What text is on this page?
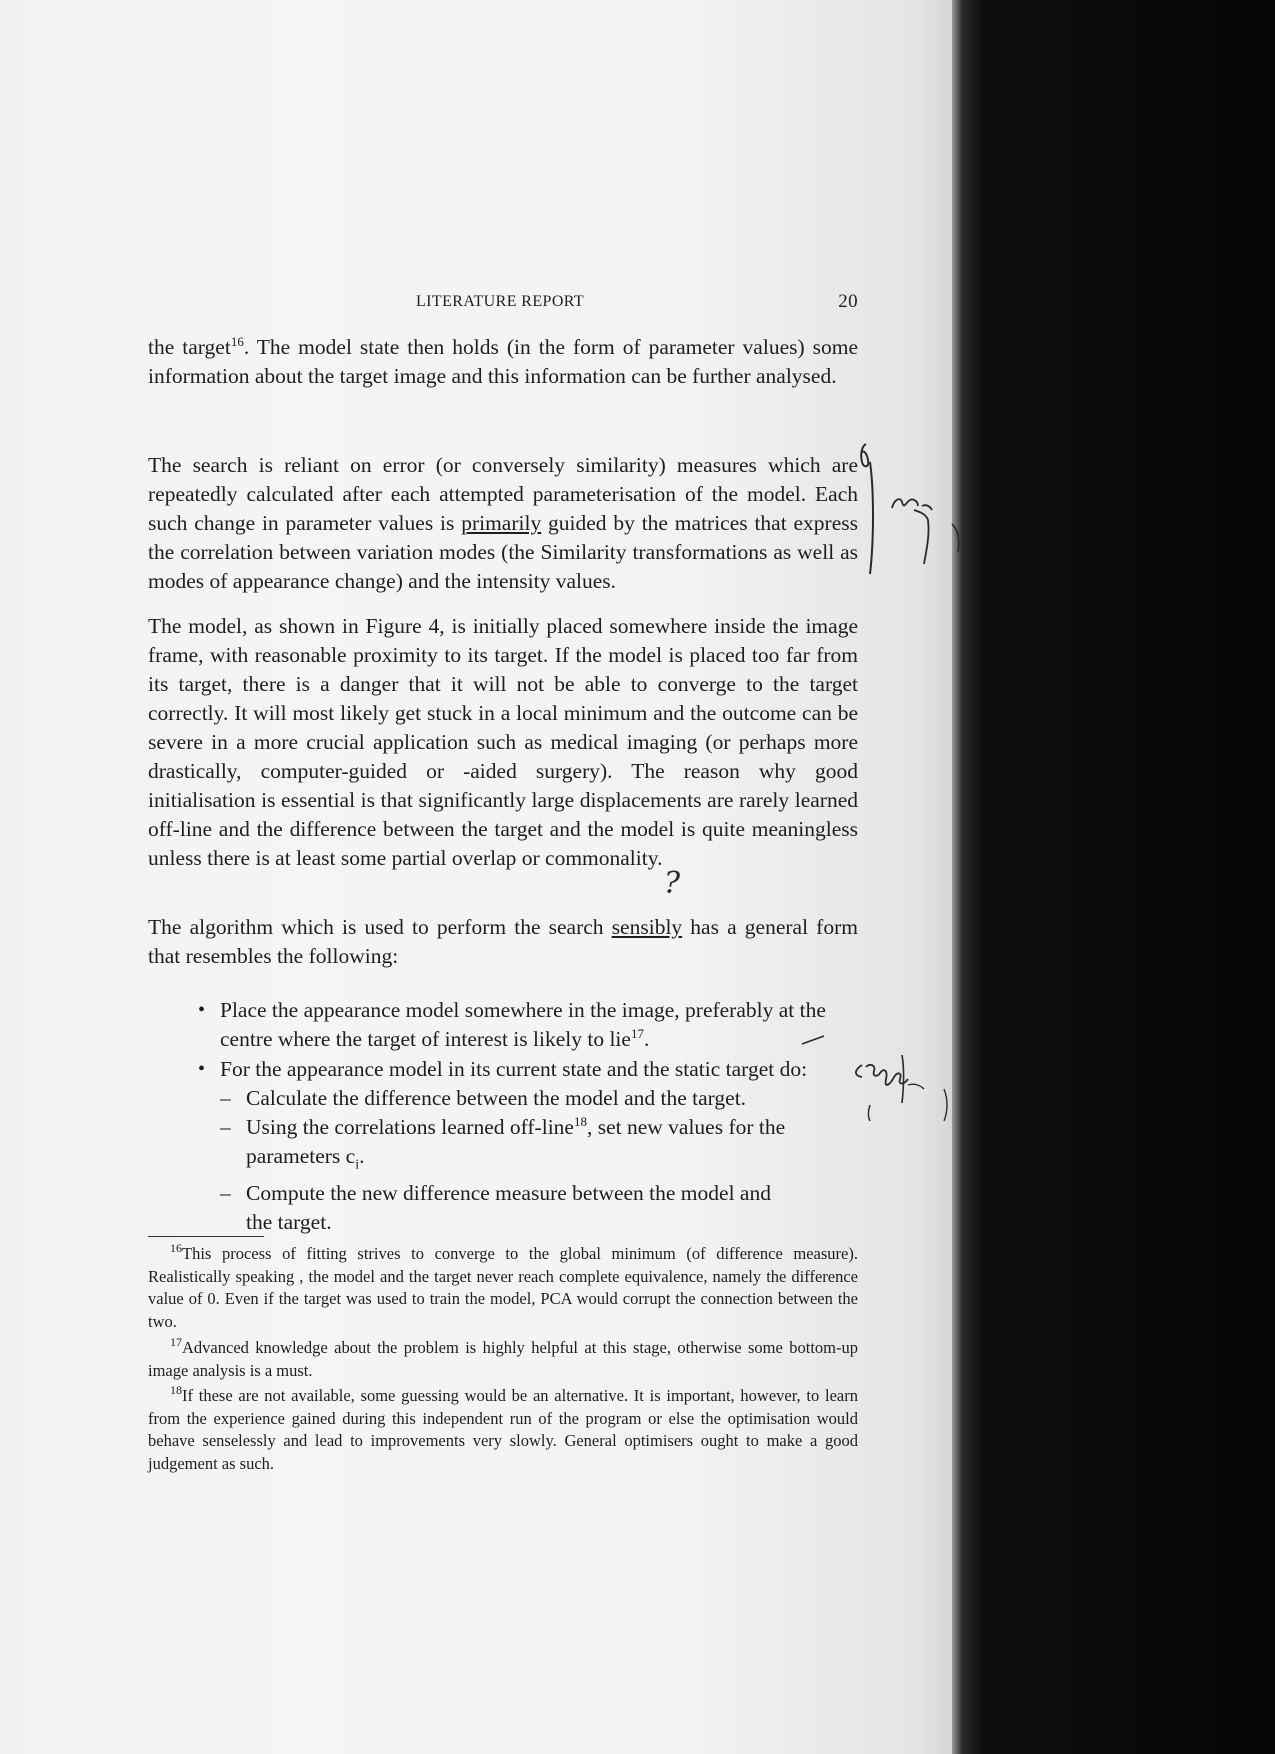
LITERATURE REPORT	20
the target$^{16}$. The model state then holds (in the form of parameter values) some information about the target image and this information can be further analysed.
The search is reliant on error (or conversely similarity) measures which are repeatedly calculated after each attempted parameterisation of the model. Each such change in parameter values is primarily guided by the matrices that express the correlation between variation modes (the Similarity transformations as well as modes of appearance change) and the intensity values.
The model, as shown in Figure 4, is initially placed somewhere inside the image frame, with reasonable proximity to its target. If the model is placed too far from its target, there is a danger that it will not be able to converge to the target correctly. It will most likely get stuck in a local minimum and the outcome can be severe in a more crucial application such as medical imaging (or perhaps more drastically, computer-guided or -aided surgery). The reason why good initialisation is essential is that significantly large displacements are rarely learned off-line and the difference between the target and the model is quite meaningless unless there is at least some partial overlap or commonality.
The algorithm which is used to perform the search sensibly has a general form that resembles the following:
• Place the appearance model somewhere in the image, preferably at the centre where the target of interest is likely to lie$^{17}$.
• For the appearance model in its current state and the static target do:
– Calculate the difference between the model and the target.
– Using the correlations learned off-line$^{18}$, set new values for the
parameters $c_i$.
– Compute the new difference measure between the model and
the target.
$^{16}$This process of fitting strives to converge to the global minimum (of difference measure). Realistically speaking , the model and the target never reach complete equivalence, namely the difference value of 0. Even if the target was used to train the model, PCA would corrupt the connection between the two.
$^{17}$Advanced knowledge about the problem is highly helpful at this stage, otherwise some bottom-up image analysis is a must.
$^{18}$If these are not available, some guessing would be an alternative. It is important, however, to learn from the experience gained during this independent run of the program or else the optimisation would behave senselessly and lead to improvements very slowly. General optimisers ought to make a good judgement as such.
?
